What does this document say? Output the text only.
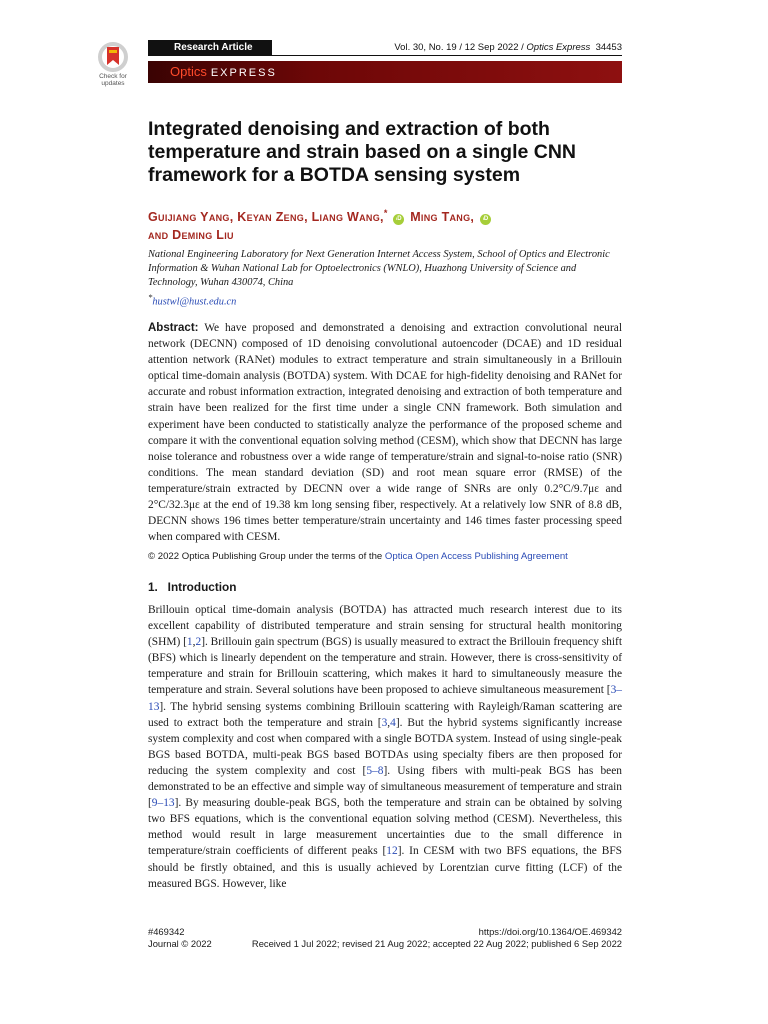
Check for
updates
Research Article	Vol. 30, No. 19 / 12 Sep 2022 / Optics Express 34453
Optics EXPRESS
Integrated denoising and extraction of both temperature and strain based on a single CNN framework for a BOTDA sensing system
Guijiang Yang, Keyan Zeng, Liang Wang,* iD Ming Tang, iD
and Deming Liu
National Engineering Laboratory for Next Generation Internet Access System, School of Optics and Electronic Information & Wuhan National Lab for Optoelectronics (WNLO), Huazhong University of Science and Technology, Wuhan 430074, China
*hustwl@hust.edu.cn
Abstract: We have proposed and demonstrated a denoising and extraction convolutional neural network (DECNN) composed of 1D denoising convolutional autoencoder (DCAE) and 1D residual attention network (RANet) modules to extract temperature and strain simultaneously in a Brillouin optical time-domain analysis (BOTDA) system. With DCAE for high-fidelity denoising and RANet for accurate and robust information extraction, integrated denoising and extraction of both temperature and strain have been realized for the first time under a single CNN framework. Both simulation and experiment have been conducted to statistically analyze the performance of the proposed scheme and compare it with the conventional equation solving method (CESM), which show that DECNN has large noise tolerance and robustness over a wide range of temperature/strain and signal-to-noise ratio (SNR) conditions. The mean standard deviation (SD) and root mean square error (RMSE) of the temperature/strain extracted by DECNN over a wide range of SNRs are only 0.2°C/9.7με and 2°C/32.3με at the end of 19.38 km long sensing fiber, respectively. At a relatively low SNR of 8.8 dB, DECNN shows 196 times better temperature/strain uncertainty and 146 times faster processing speed when compared with CESM.
© 2022 Optica Publishing Group under the terms of the Optica Open Access Publishing Agreement
1.   Introduction
Brillouin optical time-domain analysis (BOTDA) has attracted much research interest due to its excellent capability of distributed temperature and strain sensing for structural health monitoring (SHM) [1,2]. Brillouin gain spectrum (BGS) is usually measured to extract the Brillouin frequency shift (BFS) which is linearly dependent on the temperature and strain. However, there is cross-sensitivity of temperature and strain for Brillouin scattering, which makes it hard to simultaneously measure the temperature and strain. Several solutions have been proposed to achieve simultaneous measurement [3–13]. The hybrid sensing systems combining Brillouin scattering with Rayleigh/Raman scattering are used to extract both the temperature and strain [3,4]. But the hybrid systems significantly increase system complexity and cost when compared with a single BOTDA system. Instead of using single-peak BGS based BOTDA, multi-peak BGS based BOTDAs using specialty fibers are then proposed for reducing the system complexity and cost [5–8]. Using fibers with multi-peak BGS has been demonstrated to be an effective and simple way of simultaneous measurement of temperature and strain [9–13]. By measuring double-peak BGS, both the temperature and strain can be obtained by solving two BFS equations, which is the conventional equation solving method (CESM). Nevertheless, this method would result in large measurement uncertainties due to the small difference in temperature/strain coefficients of different peaks [12]. In CESM with two BFS equations, the BFS should be firstly obtained, and this is usually achieved by Lorentzian curve fitting (LCF) of the measured BGS. However, like
#469342
Journal © 2022
https://doi.org/10.1364/OE.469342
Received 1 Jul 2022; revised 21 Aug 2022; accepted 22 Aug 2022; published 6 Sep 2022
